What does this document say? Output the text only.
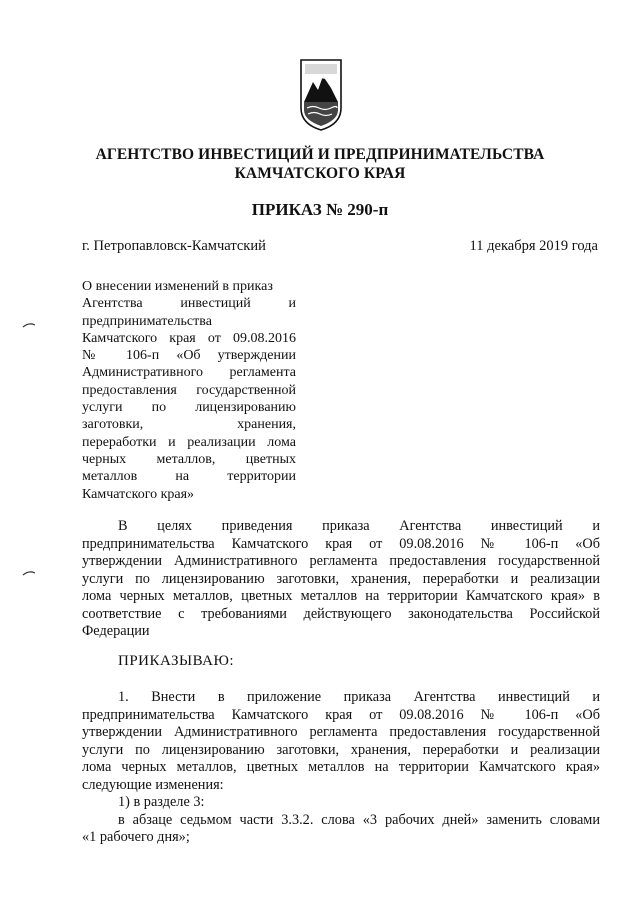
АГЕНТСТВО ИНВЕСТИЦИЙ И ПРЕДПРИНИМАТЕЛЬСТВА
КАМЧАТСКОГО КРАЯ
ПРИКАЗ № 290-п
г. Петропавловск-Камчатский	11 декабря 2019 года
О внесении изменений в приказ
Агентства инвестиций и
предпринимательства
Камчатского края от 09.08.2016
№ 106-п «Об утверждении
Административного регламента
предоставления государственной
услуги по лицензированию
заготовки, хранения,
переработки и реализации лома
черных металлов, цветных
металлов на территории
Камчатского края»
В целях приведения приказа Агентства инвестиций и
предпринимательства Камчатского края от 09.08.2016 № 106-п «Об
утверждении Административного регламента предоставления государственной
услуги по лицензированию заготовки, хранения, переработки и реализации
лома черных металлов, цветных металлов на территории Камчатского края» в
соответствие с требованиями действующего законодательства Российской
Федерации
ПРИКАЗЫВАЮ:
1. Внести в приложение приказа Агентства инвестиций и
предпринимательства Камчатского края от 09.08.2016 № 106-п «Об
утверждении Административного регламента предоставления государственной
услуги по лицензированию заготовки, хранения, переработки и реализации
лома черных металлов, цветных металлов на территории Камчатского края»
следующие изменения:
1) в разделе 3:
в абзаце седьмом части 3.3.2. слова «3 рабочих дней» заменить словами
«1 рабочего дня»;
